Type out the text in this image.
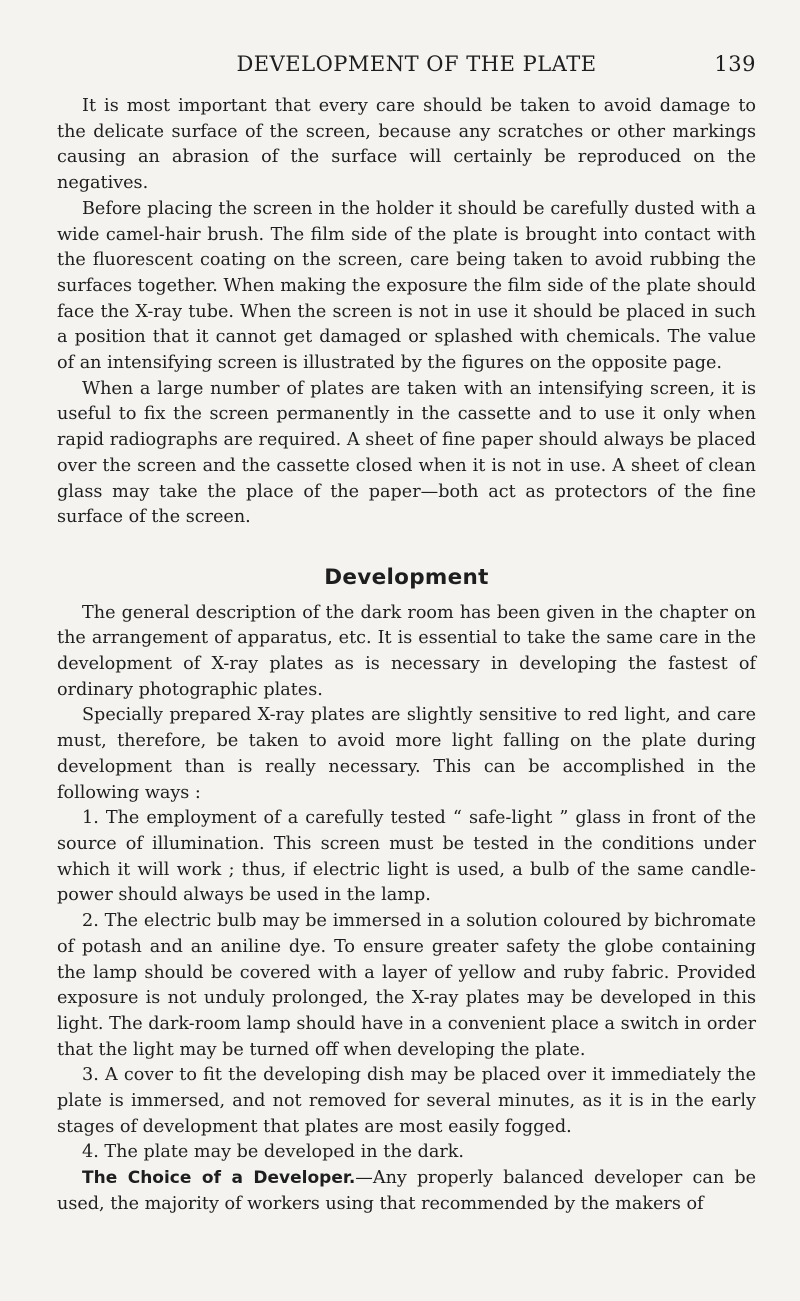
DEVELOPMENT OF THE PLATE	139

It is most important that every care should be taken to avoid damage to the delicate surface of the screen, because any scratches or other markings causing an abrasion of the surface will certainly be reproduced on the negatives.

Before placing the screen in the holder it should be carefully dusted with a wide camel-hair brush. The film side of the plate is brought into contact with the fluorescent coating on the screen, care being taken to avoid rubbing the surfaces together. When making the exposure the film side of the plate should face the X-ray tube. When the screen is not in use it should be placed in such a position that it cannot get damaged or splashed with chemicals. The value of an intensifying screen is illustrated by the figures on the opposite page.

When a large number of plates are taken with an intensifying screen, it is useful to fix the screen permanently in the cassette and to use it only when rapid radiographs are required. A sheet of fine paper should always be placed over the screen and the cassette closed when it is not in use. A sheet of clean glass may take the place of the paper—both act as protectors of the fine surface of the screen.

Development

The general description of the dark room has been given in the chapter on the arrangement of apparatus, etc. It is essential to take the same care in the development of X-ray plates as is necessary in developing the fastest of ordinary photographic plates.

Specially prepared X-ray plates are slightly sensitive to red light, and care must, therefore, be taken to avoid more light falling on the plate during development than is really necessary. This can be accomplished in the following ways :

1. The employment of a carefully tested “ safe-light ” glass in front of the source of illumination. This screen must be tested in the conditions under which it will work ; thus, if electric light is used, a bulb of the same candle-power should always be used in the lamp.

2. The electric bulb may be immersed in a solution coloured by bichromate of potash and an aniline dye. To ensure greater safety the globe containing the lamp should be covered with a layer of yellow and ruby fabric. Provided exposure is not unduly prolonged, the X-ray plates may be developed in this light. The dark-room lamp should have in a convenient place a switch in order that the light may be turned off when developing the plate.

3. A cover to fit the developing dish may be placed over it immediately the plate is immersed, and not removed for several minutes, as it is in the early stages of development that plates are most easily fogged.

4. The plate may be developed in the dark.

The Choice of a Developer.—Any properly balanced developer can be used, the majority of workers using that recommended by the makers of
